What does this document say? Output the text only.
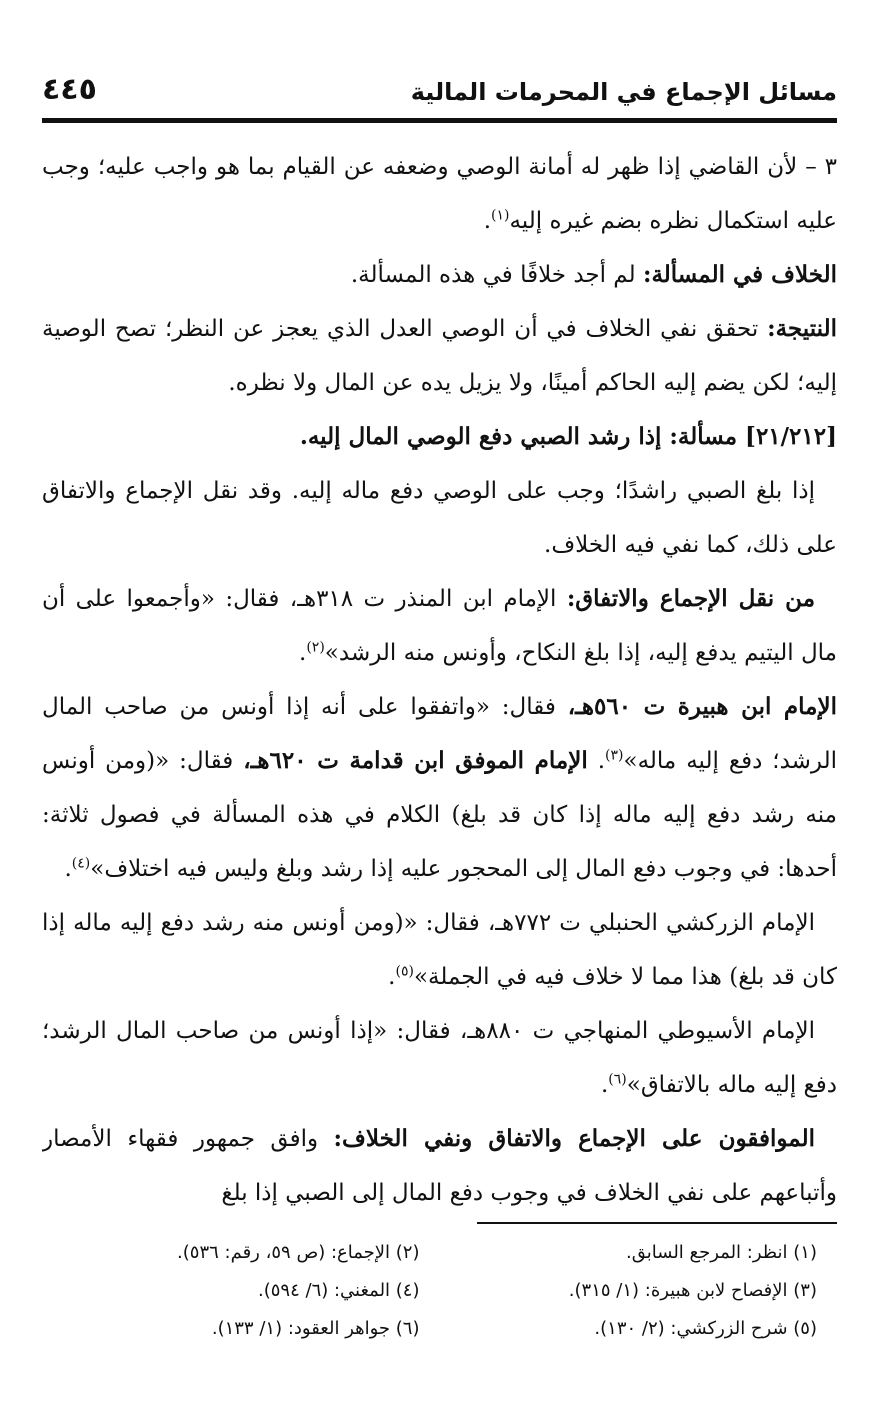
مسائل الإجماع في المحرمات المالية
٤٤٥

٣ – لأن القاضي إذا ظهر له أمانة الوصي وضعفه عن القيام بما هو واجب عليه؛ وجب عليه استكمال نظره بضم غيره إليه$^{(١)}$.

الخلاف في المسألة: لم أجد خلافًا في هذه المسألة.

النتيجة: تحقق نفي الخلاف في أن الوصي العدل الذي يعجز عن النظر؛ تصح الوصية إليه؛ لكن يضم إليه الحاكم أمينًا، ولا يزيل يده عن المال ولا نظره.

[٢١/٢١٢] مسألة: إذا رشد الصبي دفع الوصي المال إليه.

إذا بلغ الصبي راشدًا؛ وجب على الوصي دفع ماله إليه. وقد نقل الإجماع والاتفاق على ذلك، كما نفي فيه الخلاف.

من نقل الإجماع والاتفاق: الإمام ابن المنذر ت ٣١٨هـ، فقال: «وأجمعوا على أن مال اليتيم يدفع إليه، إذا بلغ النكاح، وأونس منه الرشد»$^{(٢)}$.

الإمام ابن هبيرة ت ٥٦٠هـ، فقال: «واتفقوا على أنه إذا أونس من صاحب المال الرشد؛ دفع إليه ماله»$^{(٣)}$. الإمام الموفق ابن قدامة ت ٦٢٠هـ، فقال: «(ومن أونس منه رشد دفع إليه ماله إذا كان قد بلغ) الكلام في هذه المسألة في فصول ثلاثة: أحدها: في وجوب دفع المال إلى المحجور عليه إذا رشد وبلغ وليس فيه اختلاف»$^{(٤)}$.

الإمام الزركشي الحنبلي ت ٧٧٢هـ، فقال: «(ومن أونس منه رشد دفع إليه ماله إذا كان قد بلغ) هذا مما لا خلاف فيه في الجملة»$^{(٥)}$.

الإمام الأسيوطي المنهاجي ت ٨٨٠هـ، فقال: «إذا أونس من صاحب المال الرشد؛ دفع إليه ماله بالاتفاق»$^{(٦)}$.

الموافقون على الإجماع والاتفاق ونفي الخلاف: وافق جمهور فقهاء الأمصار وأتباعهم على نفي الخلاف في وجوب دفع المال إلى الصبي إذا بلغ

(١) انظر: المرجع السابق.
(٢) الإجماع: (ص ٥٩، رقم: ٥٣٦).
(٣) الإفصاح لابن هبيرة: (١/ ٣١٥).
(٤) المغني: (٦/ ٥٩٤).
(٥) شرح الزركشي: (٢/ ١٣٠).
(٦) جواهر العقود: (١/ ١٣٣).
